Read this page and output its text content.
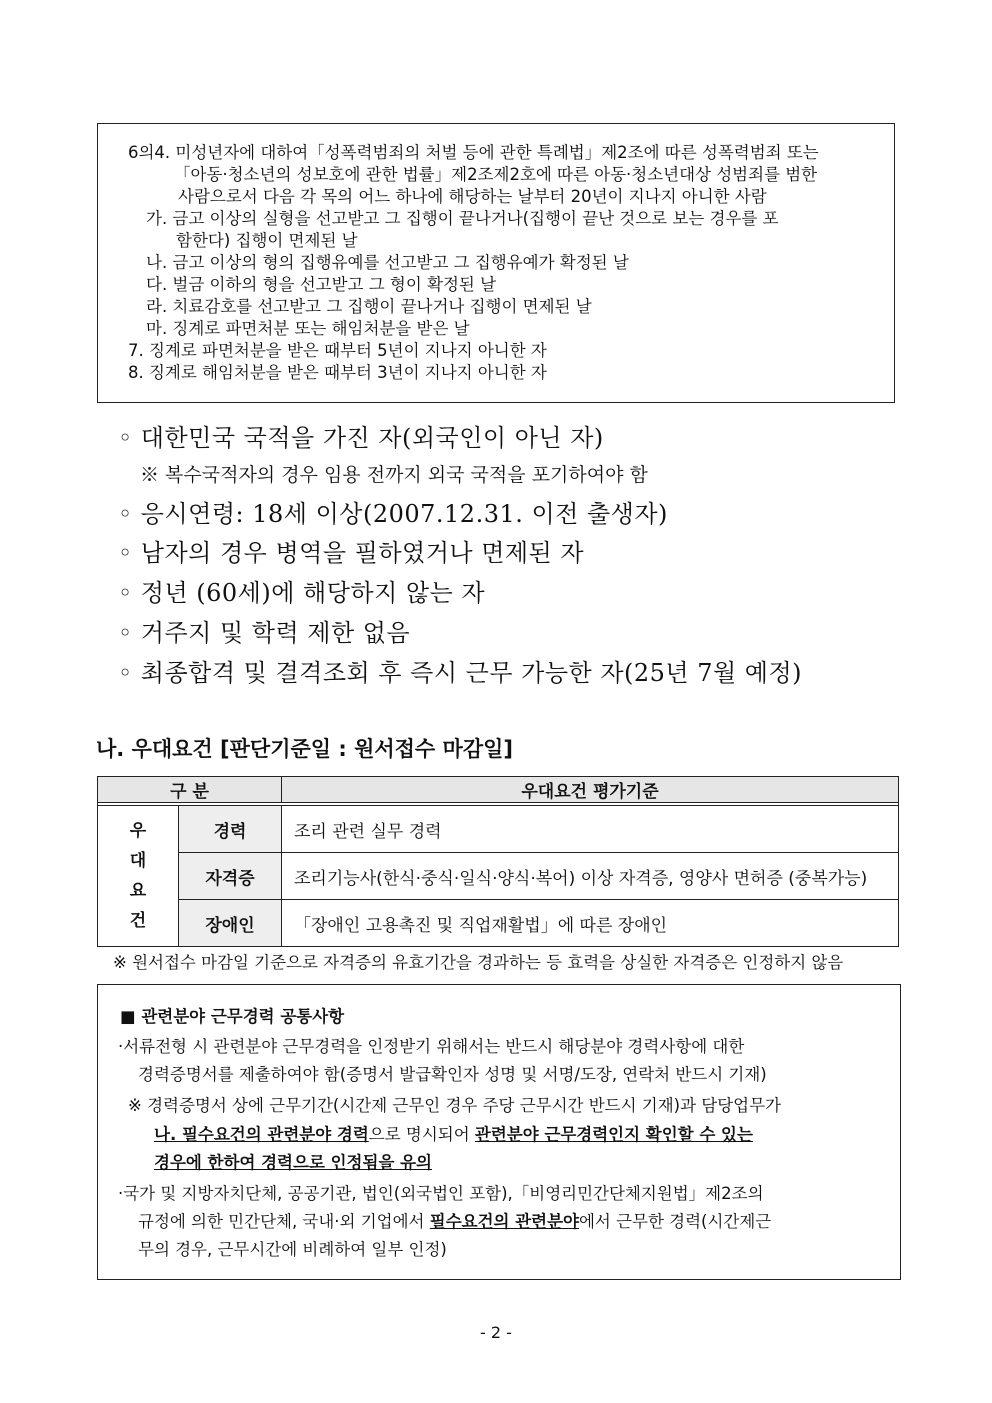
6의4. 미성년자에 대하여「성폭력범죄의 처벌 등에 관한 특례법」제2조에 따른 성폭력범죄 또는
「아동·청소년의 성보호에 관한 법률」제2조제2호에 따른 아동·청소년대상 성범죄를 범한
사람으로서 다음 각 목의 어느 하나에 해당하는 날부터 20년이 지나지 아니한 사람
가. 금고 이상의 실형을 선고받고 그 집행이 끝나거나(집행이 끝난 것으로 보는 경우를 포
함한다) 집행이 면제된 날
나. 금고 이상의 형의 집행유예를 선고받고 그 집행유예가 확정된 날
다. 벌금 이하의 형을 선고받고 그 형이 확정된 날
라. 치료감호를 선고받고 그 집행이 끝나거나 집행이 면제된 날
마. 징계로 파면처분 또는 해임처분을 받은 날
7. 징계로 파면처분을 받은 때부터 5년이 지나지 아니한 자
8. 징계로 해임처분을 받은 때부터 3년이 지나지 아니한 자
◦ 대한민국 국적을 가진 자(외국인이 아닌 자)
※ 복수국적자의 경우 임용 전까지 외국 국적을 포기하여야 함
◦ 응시연령: 18세 이상(2007.12.31. 이전 출생자)
◦ 남자의 경우 병역을 필하였거나 면제된 자
◦ 정년 (60세)에 해당하지 않는 자
◦ 거주지 및 학력 제한 없음
◦ 최종합격 및 결격조회 후 즉시 근무 가능한 자(25년 7월 예정)
나. 우대요건 [판단기준일 : 원서접수 마감일]
구 분		우대요건 평가기준

우
대
요
건	경력	조리 관련 실무 경력
	자격증	조리기능사(한식·중식·일식·양식·복어) 이상 자격증, 영양사 면허증 (중복가능)
	장애인	「장애인 고용촉진 및 직업재활법」에 따른 장애인
※ 원서접수 마감일 기준으로 자격증의 유효기간을 경과하는 등 효력을 상실한 자격증은 인정하지 않음
■ 관련분야 근무경력 공통사항
·서류전형 시 관련분야 근무경력을 인정받기 위해서는 반드시 해당분야 경력사항에 대한
경력증명서를 제출하여야 함(증명서 발급확인자 성명 및 서명/도장, 연락처 반드시 기재)
※ 경력증명서 상에 근무기간(시간제 근무인 경우 주당 근무시간 반드시 기재)과 담당업무가
나. 필수요건의 관련분야 경력으로 명시되어 관련분야 근무경력인지 확인할 수 있는
경우에 한하여 경력으로 인정됨을 유의
·국가 및 지방자치단체, 공공기관, 법인(외국법인 포함),「비영리민간단체지원법」제2조의
규정에 의한 민간단체, 국내·외 기업에서 필수요건의 관련분야에서 근무한 경력(시간제근
무의 경우, 근무시간에 비례하여 일부 인정)
- 2 -
